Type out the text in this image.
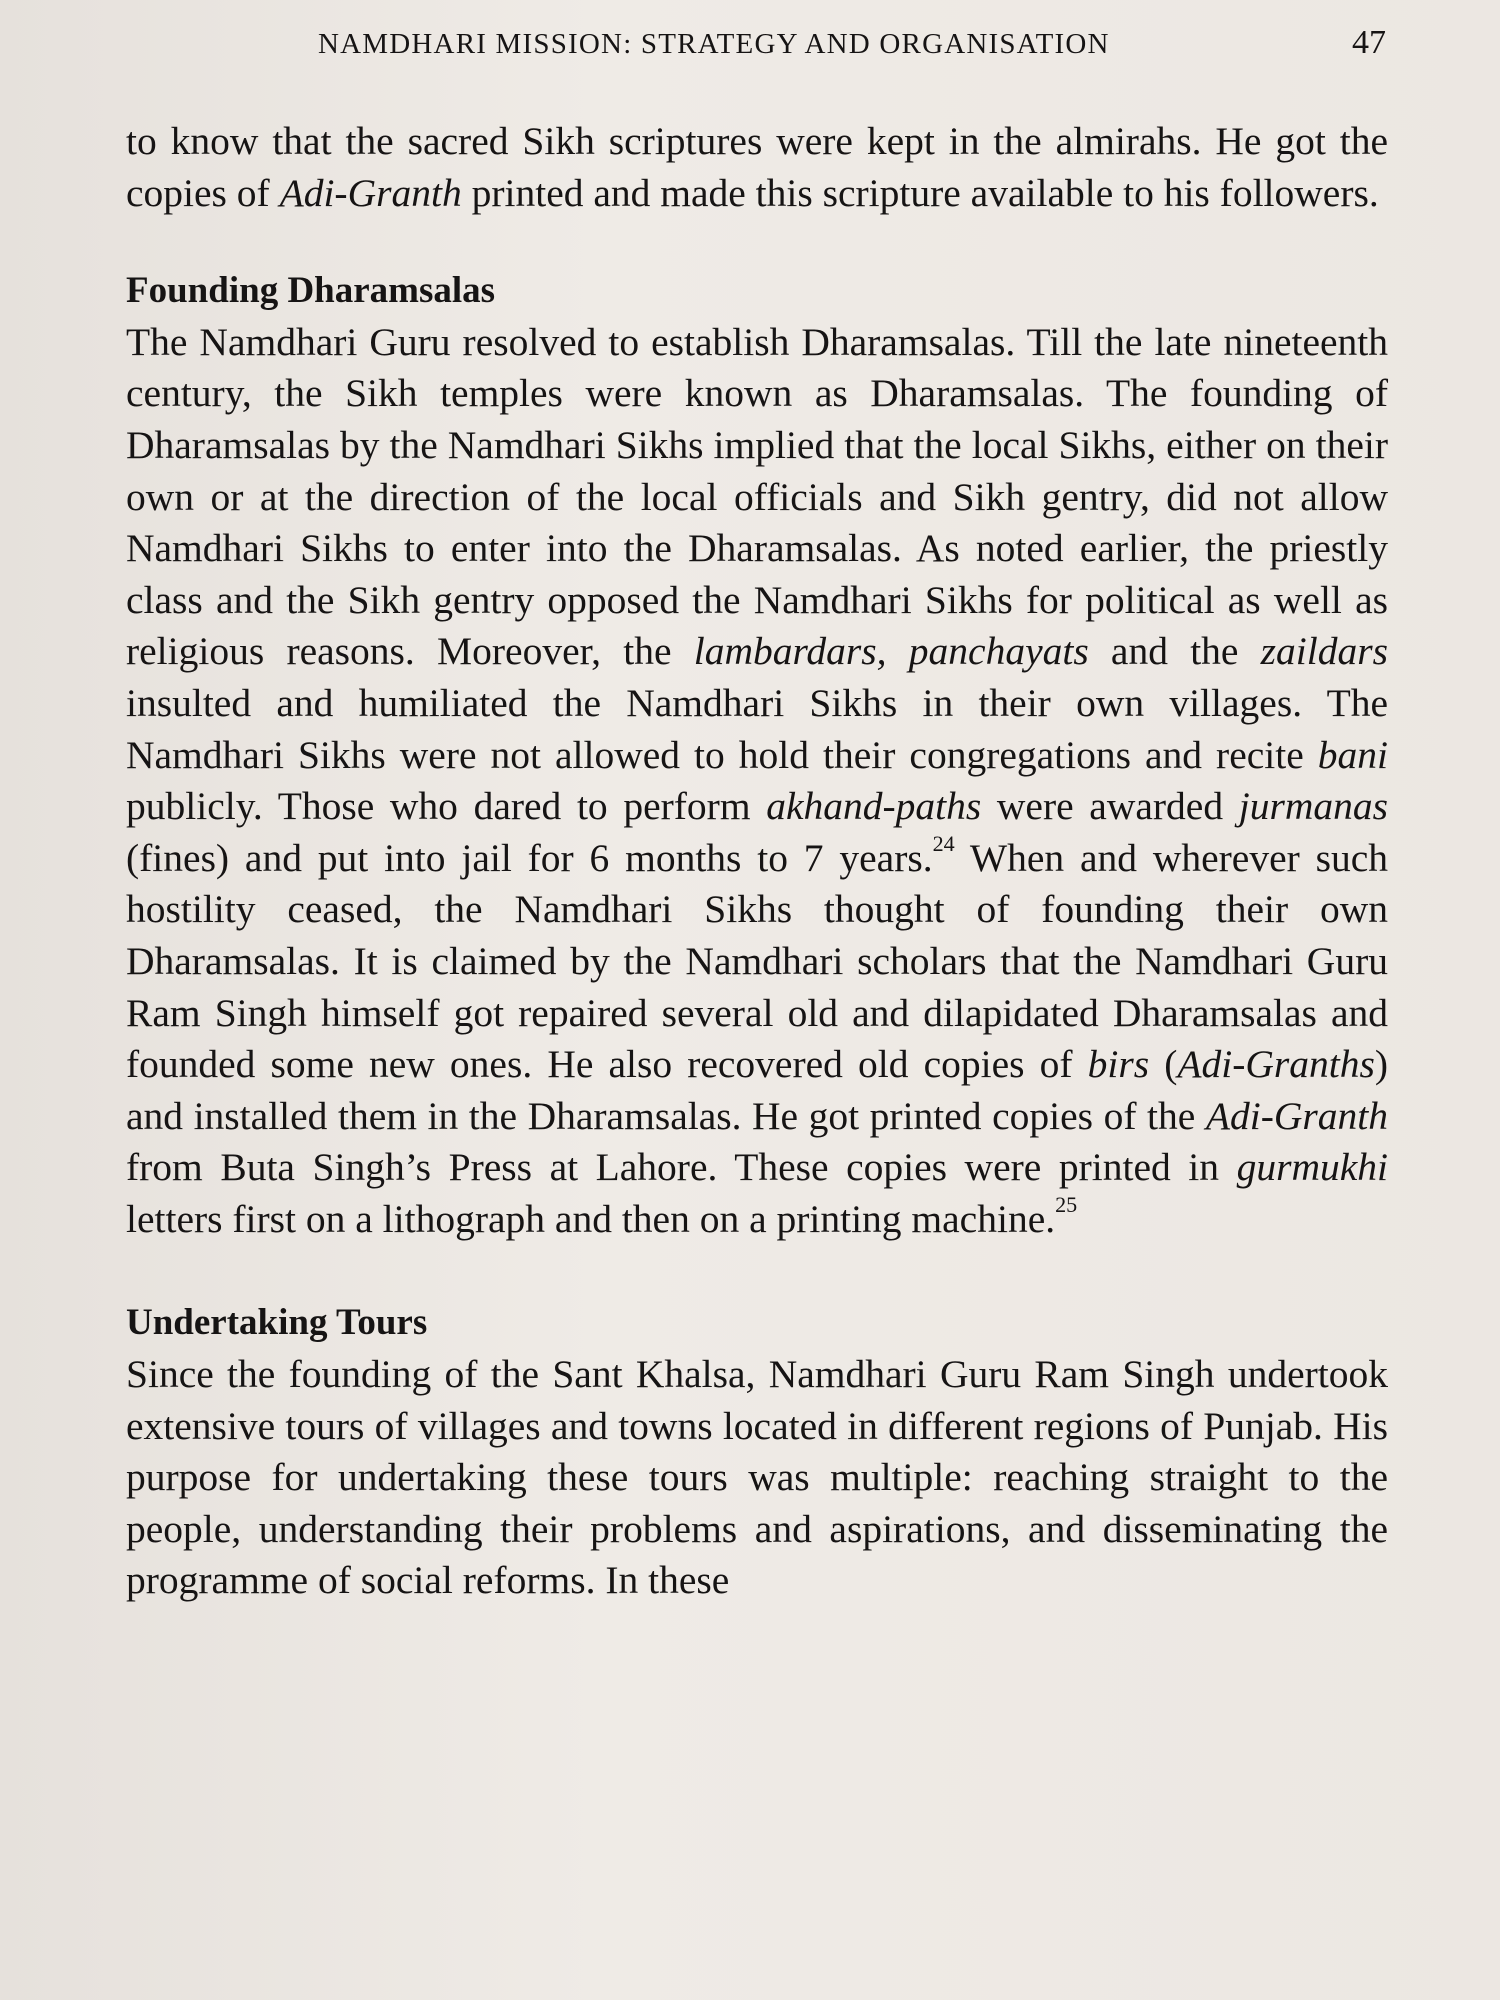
NAMDHARI MISSION: STRATEGY AND ORGANISATION	47

to know that the sacred Sikh scriptures were kept in the almirahs. He got the copies of Adi-Granth printed and made this scripture available to his followers.

Founding Dharamsalas

The Namdhari Guru resolved to establish Dharamsalas. Till the late nineteenth century, the Sikh temples were known as Dharamsalas. The founding of Dharamsalas by the Namdhari Sikhs implied that the local Sikhs, either on their own or at the direction of the local officials and Sikh gentry, did not allow Namdhari Sikhs to enter into the Dharamsalas. As noted earlier, the priestly class and the Sikh gentry opposed the Namdhari Sikhs for political as well as religious reasons. Moreover, the lambardars, panchayats and the zaildars insulted and humiliated the Namdhari Sikhs in their own villages. The Namdhari Sikhs were not allowed to hold their congregations and recite bani publicly. Those who dared to perform akhand-paths were awarded jurmanas (fines) and put into jail for 6 months to 7 years.$^{24}$ When and wherever such hostility ceased, the Namdhari Sikhs thought of founding their own Dharamsalas. It is claimed by the Namdhari scholars that the Namdhari Guru Ram Singh himself got repaired several old and dilapidated Dharamsalas and founded some new ones. He also recovered old copies of birs (Adi-Granths) and installed them in the Dharamsalas. He got printed copies of the Adi-Granth from Buta Singh’s Press at Lahore. These copies were printed in gurmukhi letters first on a lithograph and then on a printing machine.$^{25}$

Undertaking Tours

Since the founding of the Sant Khalsa, Namdhari Guru Ram Singh undertook extensive tours of villages and towns located in different regions of Punjab. His purpose for undertaking these tours was multiple: reaching straight to the people, understanding their problems and aspirations, and disseminating the programme of social reforms. In these
